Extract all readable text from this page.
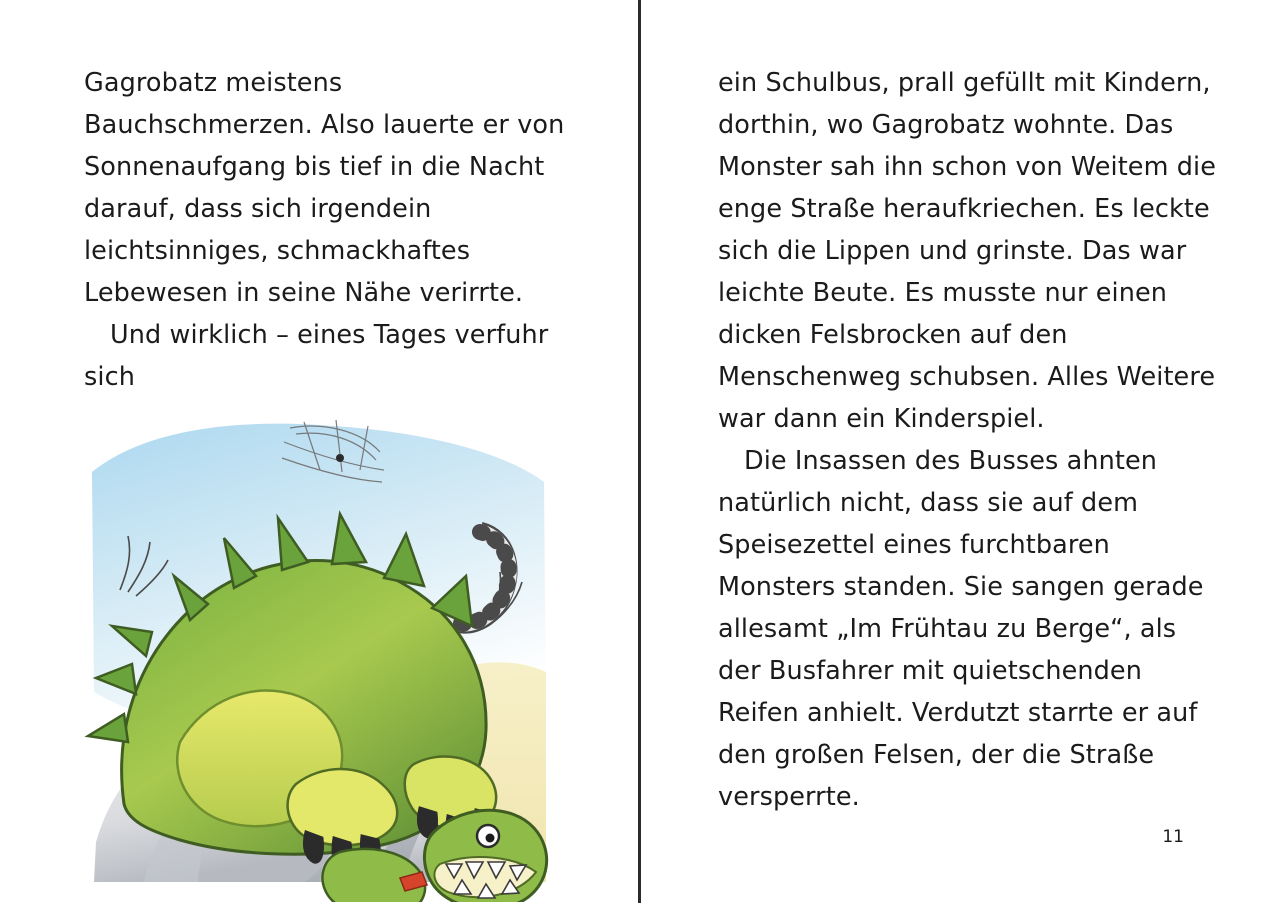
Gagrobatz meistens Bauchschmerzen. Also lauerte er von Sonnenaufgang bis tief in die Nacht darauf, dass sich irgendein leichtsinniges, schmackhaftes Lebewesen in seine Nähe verirrte.

Und wirklich – eines Tages verfuhr sich

ein Schulbus, prall gefüllt mit Kindern, dorthin, wo Gagrobatz wohnte. Das Monster sah ihn schon von Weitem die enge Straße heraufkriechen. Es leckte sich die Lippen und grinste. Das war leichte Beute. Es musste nur einen dicken Felsbrocken auf den Menschenweg schubsen. Alles Weitere war dann ein Kinderspiel.

Die Insassen des Busses ahnten natürlich nicht, dass sie auf dem Speisezettel eines furchtbaren Monsters standen. Sie sangen gerade allesamt „Im Frühtau zu Berge“, als der Busfahrer mit quietschenden Reifen anhielt. Verdutzt starrte er auf den großen Felsen, der die Straße versperrte.

11
